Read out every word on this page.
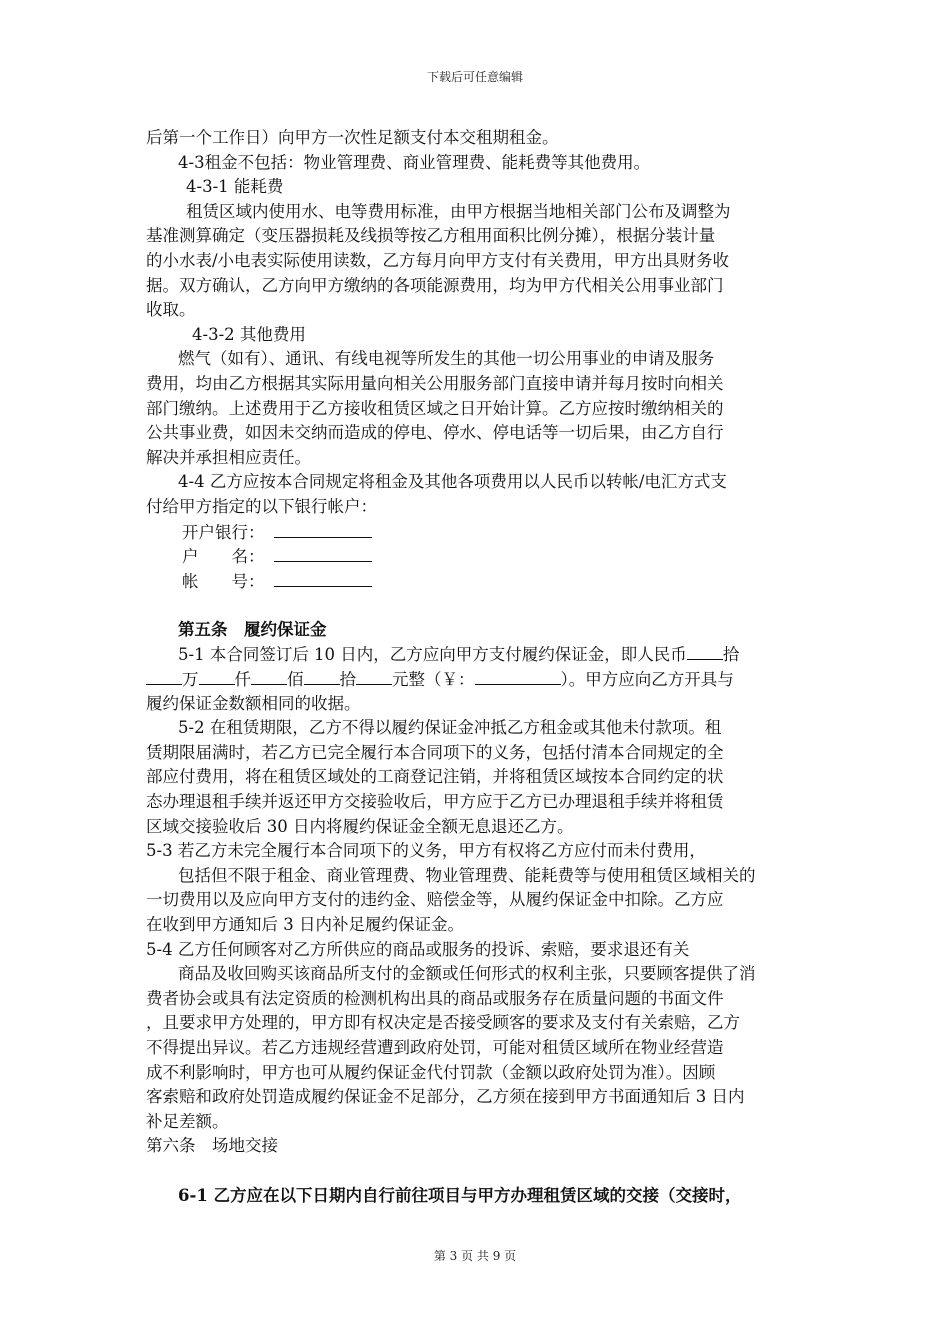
下载后可任意编辑
后第一个工作日）向甲方一次性足额支付本交租期租金。
4-3租金不包括：物业管理费、商业管理费、能耗费等其他费用。
4-3-1 能耗费
租赁区域内使用水、电等费用标准，由甲方根据当地相关部门公布及调整为
基准测算确定（变压器损耗及线损等按乙方租用面积比例分摊），根据分装计量
的小水表/小电表实际使用读数，乙方每月向甲方支付有关费用，甲方出具财务收
据。双方确认，乙方向甲方缴纳的各项能源费用，均为甲方代相关公用事业部门
收取。
4-3-2 其他费用
燃气（如有）、通讯、有线电视等所发生的其他一切公用事业的申请及服务
费用，均由乙方根据其实际用量向相关公用服务部门直接申请并每月按时向相关
部门缴纳。上述费用于乙方接收租赁区域之日开始计算。乙方应按时缴纳相关的
公共事业费，如因未交纳而造成的停电、停水、停电话等一切后果，由乙方自行
解决并承担相应责任。
4-4 乙方应按本合同规定将租金及其他各项费用以人民币以转帐/电汇方式支
付给甲方指定的以下银行帐户：
开户银行：
户　　名：
帐　　号：
第五条　履约保证金
5-1 本合同签订后 10 日内，乙方应向甲方支付履约保证金，即人民币 拾
万 仟 佰 拾 元整（￥：	）。甲方应向乙方开具与
履约保证金数额相同的收据。
5-2 在租赁期限，乙方不得以履约保证金冲抵乙方租金或其他未付款项。租
赁期限届满时，若乙方已完全履行本合同项下的义务，包括付清本合同规定的全
部应付费用，将在租赁区域处的工商登记注销，并将租赁区域按本合同约定的状
态办理退租手续并返还甲方交接验收后，甲方应于乙方已办理退租手续并将租赁
区域交接验收后 30 日内将履约保证金全额无息退还乙方。
5-3 若乙方未完全履行本合同项下的义务，甲方有权将乙方应付而未付费用，
包括但不限于租金、商业管理费、物业管理费、能耗费等与使用租赁区域相关的
一切费用以及应向甲方支付的违约金、赔偿金等，从履约保证金中扣除。乙方应
在收到甲方通知后 3 日内补足履约保证金。
5-4 乙方任何顾客对乙方所供应的商品或服务的投诉、索赔，要求退还有关
商品及收回购买该商品所支付的金额或任何形式的权利主张，只要顾客提供了消
费者协会或具有法定资质的检测机构出具的商品或服务存在质量问题的书面文件
，且要求甲方处理的，甲方即有权决定是否接受顾客的要求及支付有关索赔，乙方
不得提出异议。若乙方违规经营遭到政府处罚，可能对租赁区域所在物业经营造
成不利影响时，甲方也可从履约保证金代付罚款（金额以政府处罚为准）。因顾
客索赔和政府处罚造成履约保证金不足部分，乙方须在接到甲方书面通知后 3 日内
补足差额。
第六条　场地交接
6-1 乙方应在以下日期内自行前往项目与甲方办理租赁区域的交接（交接时，
第 3 页 共 9 页
